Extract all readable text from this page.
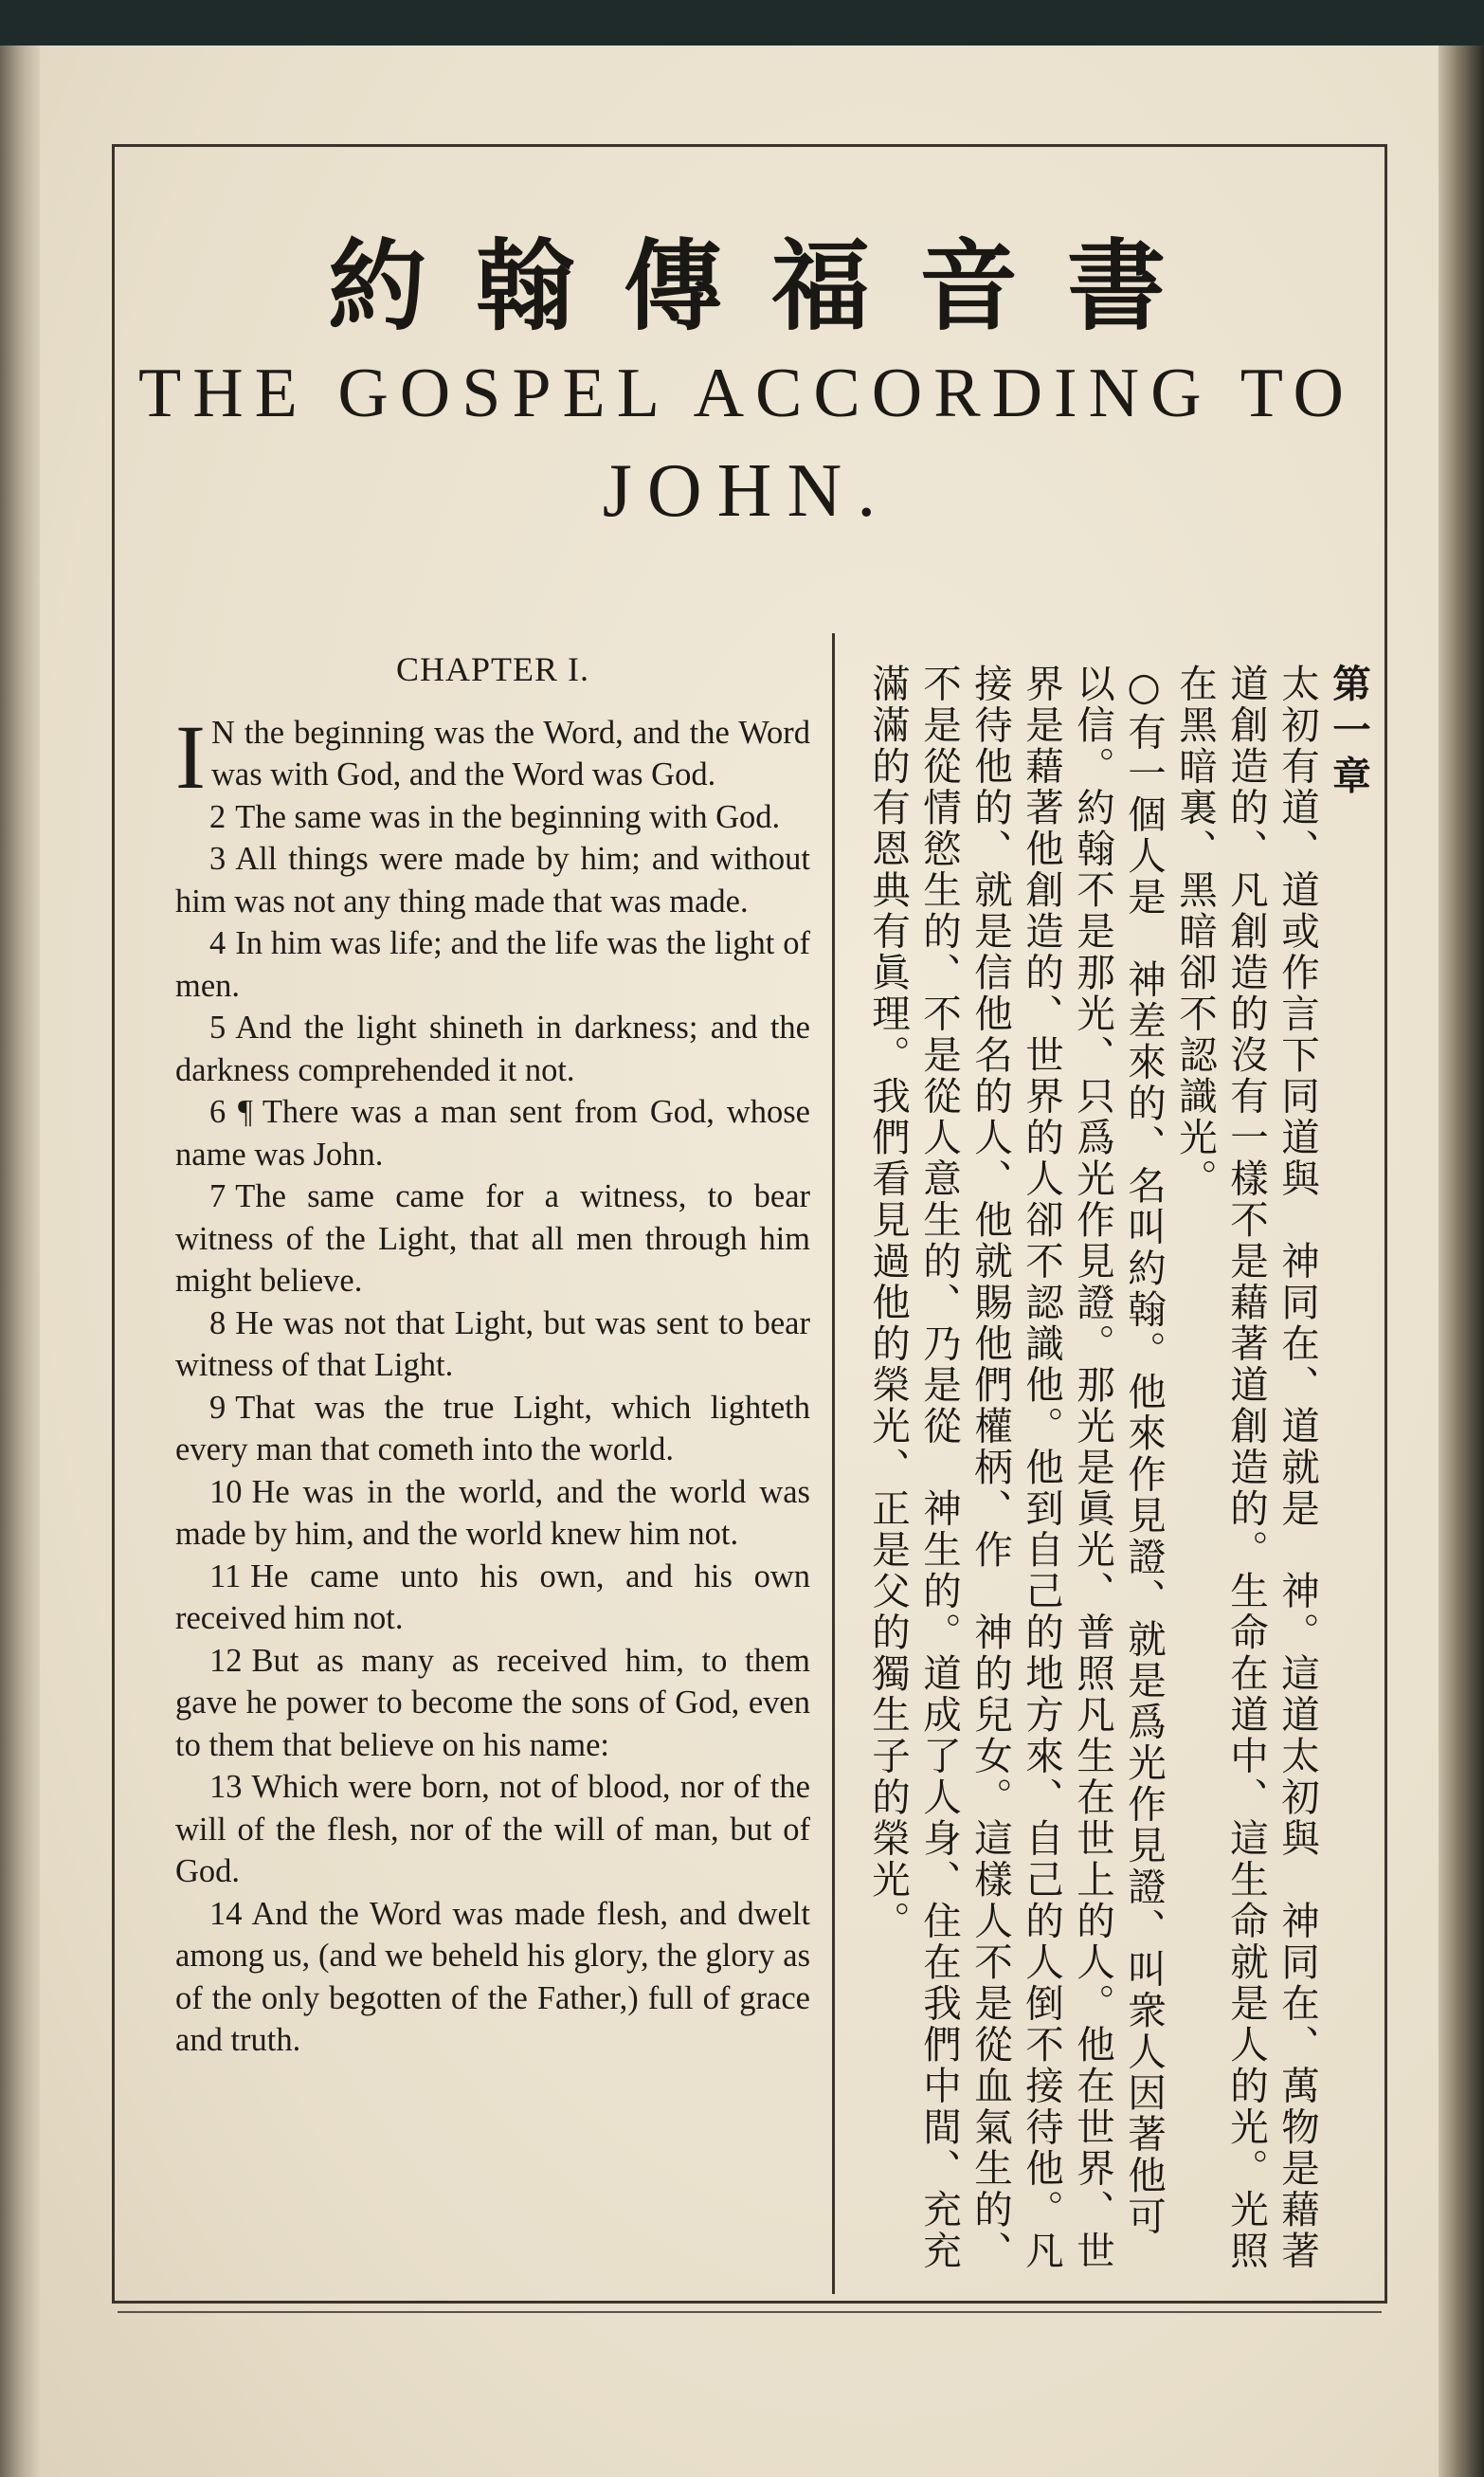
約翰傳福音書
THE GOSPEL ACCORDING TO
JOHN.
CHAPTER I.

I N the beginning was the Word, and the Word was with God, and the Word was God.

2 The same was in the beginning with God.

3 All things were made by him; and without him was not any thing made that was made.

4 In him was life; and the life was the light of men.

5 And the light shineth in darkness; and the darkness comprehended it not.

6 ¶ There was a man sent from God, whose name was John.

7 The same came for a witness, to bear witness of the Light, that all men through him might believe.

8 He was not that Light, but was sent to bear witness of that Light.

9 That was the true Light, which lighteth every man that cometh into the world.

10 He was in the world, and the world was made by him, and the world knew him not.

11 He came unto his own, and his own received him not.

12 But as many as received him, to them gave he power to become the sons of God, even to them that believe on his name:

13 Which were born, not of blood, nor of the will of the flesh, nor of the will of man, but of God.

14 And the Word was made flesh, and dwelt among us, (and we beheld his glory, the glory as of the only begotten of the Father,) full of grace and truth.

第一章
太初有道、道或作言下同道與　神同在、道就是　神。這道太初與　神同在、萬物是藉著道創造的、凡創造的沒有一樣不是藉著道創造的。生命在道中、這生命就是人的光。光照在黑暗裏、黑暗卻不認識光。
○有一個人是　神差來的、名叫約翰。他來作見證、就是爲光作見證、叫衆人因著他可以信。約翰不是那光、只爲光作見證。那光是眞光、普照凡生在世上的人。他在世界、世界是藉著他創造的、世界的人卻不認識他。他到自己的地方來、自己的人倒不接待他。凡接待他的、就是信他名的人、他就賜他們權柄、作　神的兒女。這樣人不是從血氣生的、不是從情慾生的、不是從人意生的、乃是從　神生的。道成了人身、住在我們中間、充充滿滿的有恩典有眞理。我們看見過他的榮光、正是父的獨生子的榮光。
